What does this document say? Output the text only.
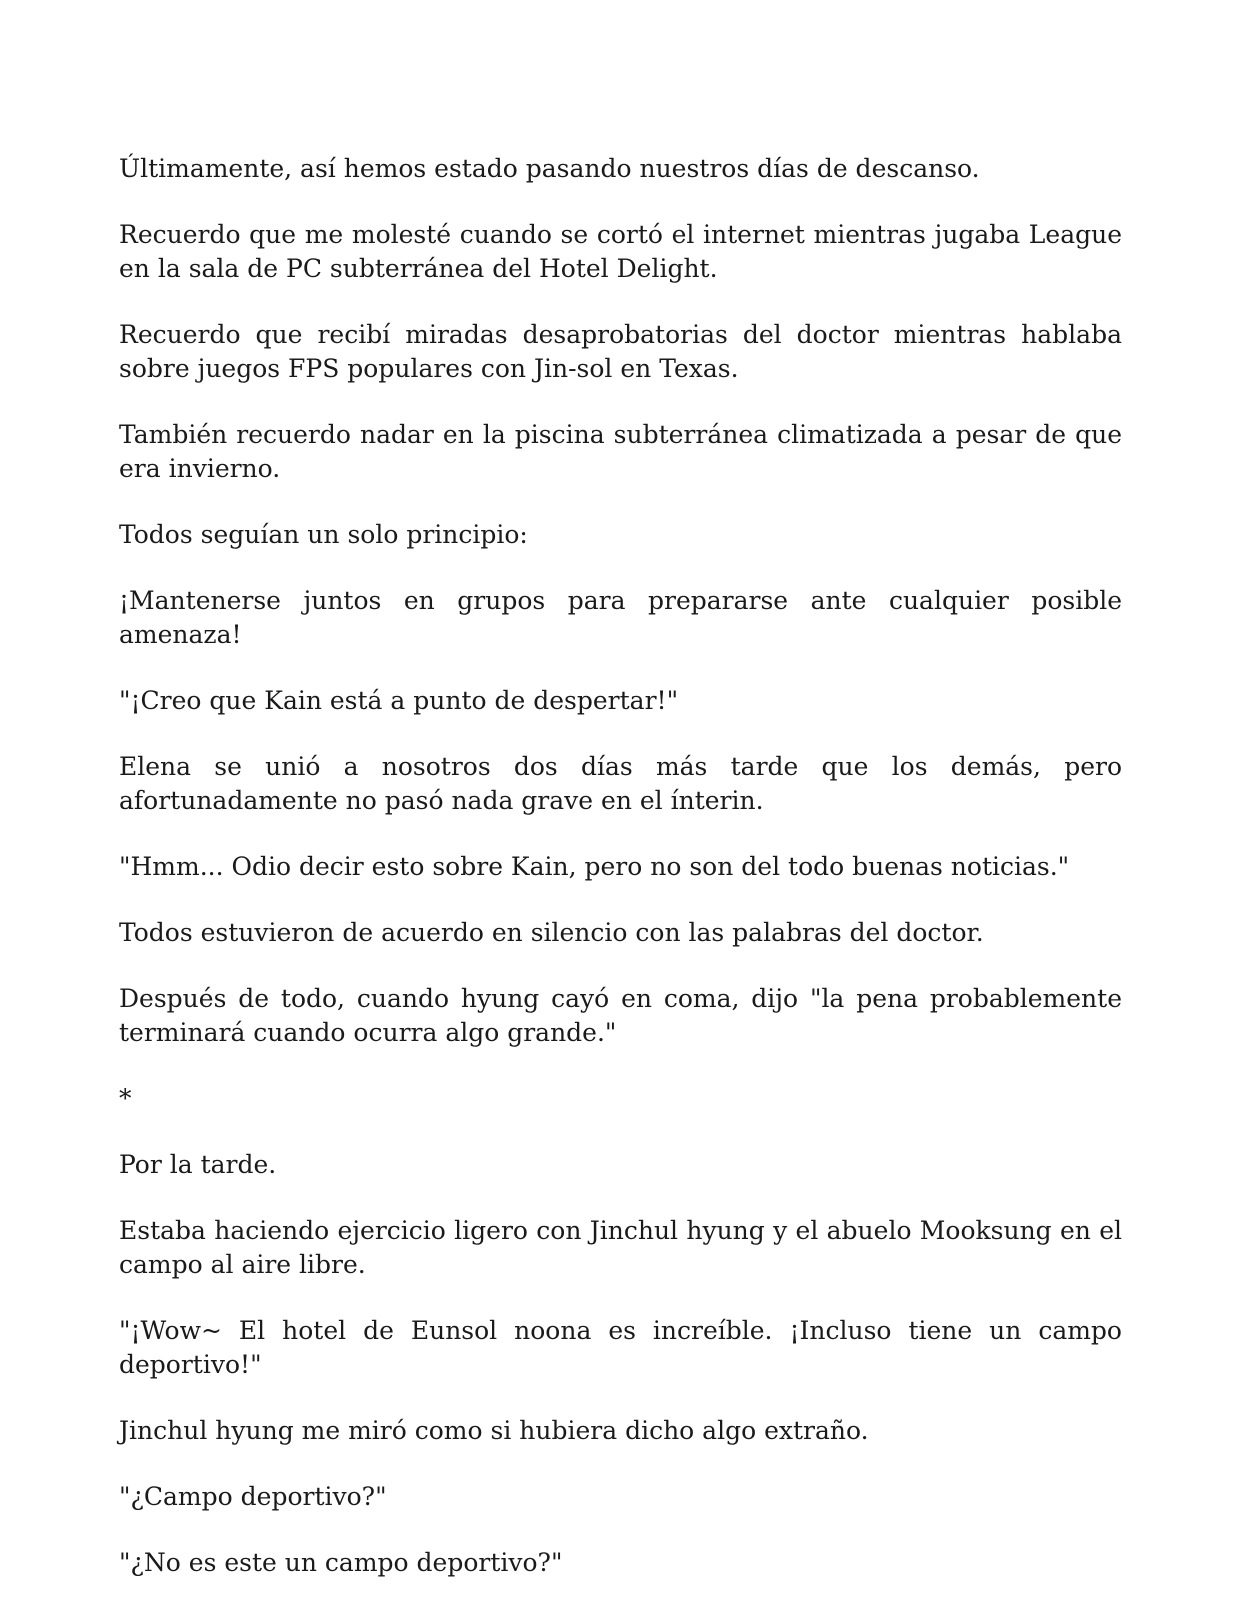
Últimamente, así hemos estado pasando nuestros días de descanso.

Recuerdo que me molesté cuando se cortó el internet mientras jugaba League en la sala de PC subterránea del Hotel Delight.

Recuerdo que recibí miradas desaprobatorias del doctor mientras hablaba sobre juegos FPS populares con Jin-sol en Texas.

También recuerdo nadar en la piscina subterránea climatizada a pesar de que era invierno.

Todos seguían un solo principio:

¡Mantenerse juntos en grupos para prepararse ante cualquier posible amenaza!

"¡Creo que Kain está a punto de despertar!"

Elena se unió a nosotros dos días más tarde que los demás, pero afortunadamente no pasó nada grave en el ínterin.

"Hmm... Odio decir esto sobre Kain, pero no son del todo buenas noticias."

Todos estuvieron de acuerdo en silencio con las palabras del doctor.

Después de todo, cuando hyung cayó en coma, dijo "la pena probablemente terminará cuando ocurra algo grande."

*

Por la tarde.

Estaba haciendo ejercicio ligero con Jinchul hyung y el abuelo Mooksung en el campo al aire libre.

"¡Wow~ El hotel de Eunsol noona es increíble. ¡Incluso tiene un campo deportivo!"

Jinchul hyung me miró como si hubiera dicho algo extraño.

"¿Campo deportivo?"

"¿No es este un campo deportivo?"
